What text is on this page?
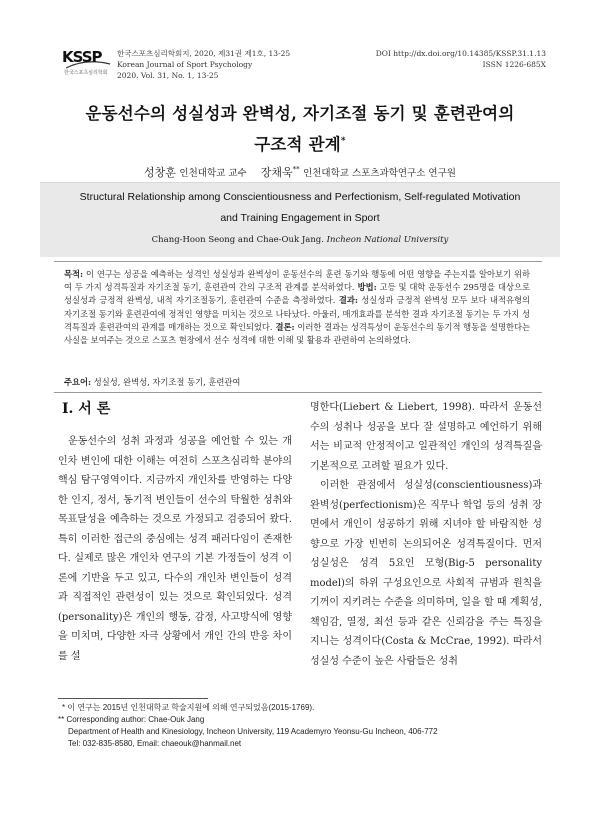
KSSP
한국스포츠심리학회
한국스포츠심리학회지, 2020, 제31권 제1호, 13-25
Korean Journal of Sport Psychology
2020. Vol. 31, No. 1, 13-25
DOI http://dx.doi.org/10.14385/KSSP.31.1.13
ISSN 1226-685X
운동선수의 성실성과 완벽성, 자기조절 동기 및 훈련관여의
구조적 관계*
성창훈 인천대학교 교수 장채욱** 인천대학교 스포츠과학연구소 연구원
Structural Relationship among Conscientiousness and Perfectionism, Self-regulated Motivation
and Training Engagement in Sport
Chang-Hoon Seong and Chae-Ouk Jang. Incheon National University
목적: 이 연구는 성공을 예측하는 성격인 성실성과 완벽성이 운동선수의 훈련 동기와 행동에 어떤 영향을 주는지를 알아보기 위하여 두 가지 성격특질과 자기조절 동기, 훈련관여 간의 구조적 관계를 분석하였다. 방법: 고등 및 대학 운동선수 295명을 대상으로 성실성과 긍정적 완벽성, 내적 자기조절동기, 훈련관여 수준을 측정하였다. 결과: 성실성과 긍정적 완벽성 모두 보다 내적유형의 자기조절 동기와 훈련관여에 정적인 영향을 미치는 것으로 나타났다. 아울러, 매개효과를 분석한 결과 자기조절 동기는 두 가지 성격특질과 훈련관여의 관계를 매개하는 것으로 확인되었다. 결론: 이러한 결과는 성격특성이 운동선수의 동기적 행동을 설명한다는 사실을 보여주는 것으로 스포츠 현장에서 선수 성격에 대한 이해 및 활용과 관련하여 논의하였다.
주요어: 성실성, 완벽성, 자기조절 동기, 훈련관여
I. 서 론

운동선수의 성취 과정과 성공을 예언할 수 있는 개인차 변인에 대한 이해는 여전히 스포츠심리학 분야의 핵심 탐구영역이다. 지금까지 개인차를 반영하는 다양한 인지, 정서, 동기적 변인들이 선수의 탁월한 성취와 목표달성을 예측하는 것으로 가정되고 검증되어 왔다. 특히 이러한 접근의 중심에는 성격 패러다임이 존재한다. 실제로 많은 개인차 연구의 기본 가정들이 성격 이론에 기반을 두고 있고, 다수의 개인차 변인들이 성격과 직접적인 관련성이 있는 것으로 확인되었다. 성격(personality)은 개인의 행동, 감정, 사고방식에 영향을 미치며, 다양한 자극 상황에서 개인 간의 반응 차이를 설

명한다(Liebert & Liebert, 1998). 따라서 운동선수의 성취나 성공을 보다 잘 설명하고 예언하기 위해서는 비교적 안정적이고 일관적인 개인의 성격특질을 기본적으로 고려할 필요가 있다.

이러한 관점에서 성실성(conscientiousness)과 완벽성(perfectionism)은 직무나 학업 등의 성취 장면에서 개인이 성공하기 위해 지녀야 할 바람직한 성향으로 가장 빈번히 논의되어온 성격특질이다. 먼저 성실성은 성격 5요인 모형(Big-5 personality model)의 하위 구성요인으로 사회적 규범과 원칙을 기꺼이 지키려는 수준을 의미하며, 일을 할 때 계획성, 책임감, 열정, 최선 등과 같은 신뢰감을 주는 특징을 지니는 성격이다(Costa & McCrae, 1992). 따라서 성실성 수준이 높은 사람들은 성취

* 이 연구는 2015년 인천대학교 학술지원에 의해 연구되었음(2015-1769).
** Corresponding author: Chae-Ouk Jang
Department of Health and Kinesiology, Incheon University, 119 Academyro Yeonsu-Gu Incheon, 406-772
Tel: 032-835-8580, Email: chaeouk@hanmail.net
